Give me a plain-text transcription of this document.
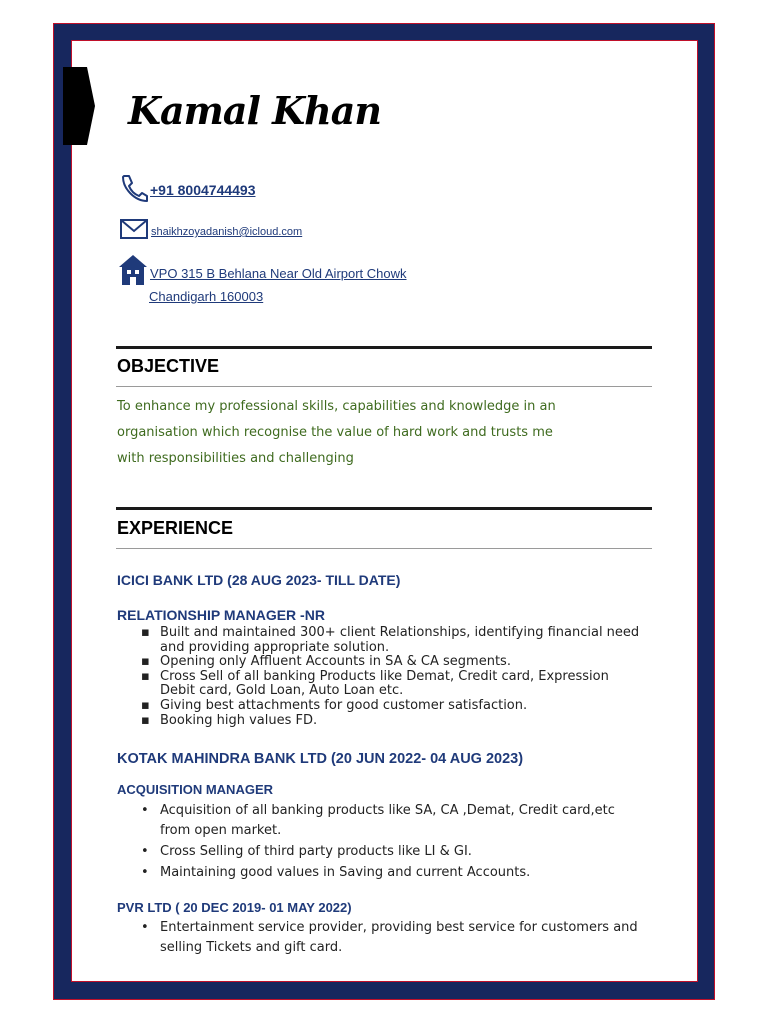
Kamal Khan
+91 8004744493
shaikhzoyadanish@icloud.com
VPO 315 B Behlana Near Old Airport Chowk
Chandigarh 160003
OBJECTIVE
To enhance my professional skills, capabilities and knowledge in an
organisation which recognise the value of hard work and trusts me
with responsibilities and challenging
EXPERIENCE
ICICI BANK LTD (28 AUG 2023- TILL DATE)
RELATIONSHIP MANAGER -NR
▪ Built and maintained 300+ client Relationships, identifying financial need
and providing appropriate solution.
▪ Opening only Affluent Accounts in SA & CA segments.
▪ Cross Sell of all banking Products like Demat, Credit card, Expression
Debit card, Gold Loan, Auto Loan etc.
▪ Giving best attachments for good customer satisfaction.
▪ Booking high values FD.
KOTAK MAHINDRA BANK LTD (20 JUN 2022- 04 AUG 2023)
ACQUISITION MANAGER
• Acquisition of all banking products like SA, CA ,Demat, Credit card,etc
from open market.
• Cross Selling of third party products like LI & GI.
• Maintaining good values in Saving and current Accounts.
PVR LTD ( 20 DEC 2019- 01 MAY 2022)
• Entertainment service provider, providing best service for customers and
selling Tickets and gift card.
